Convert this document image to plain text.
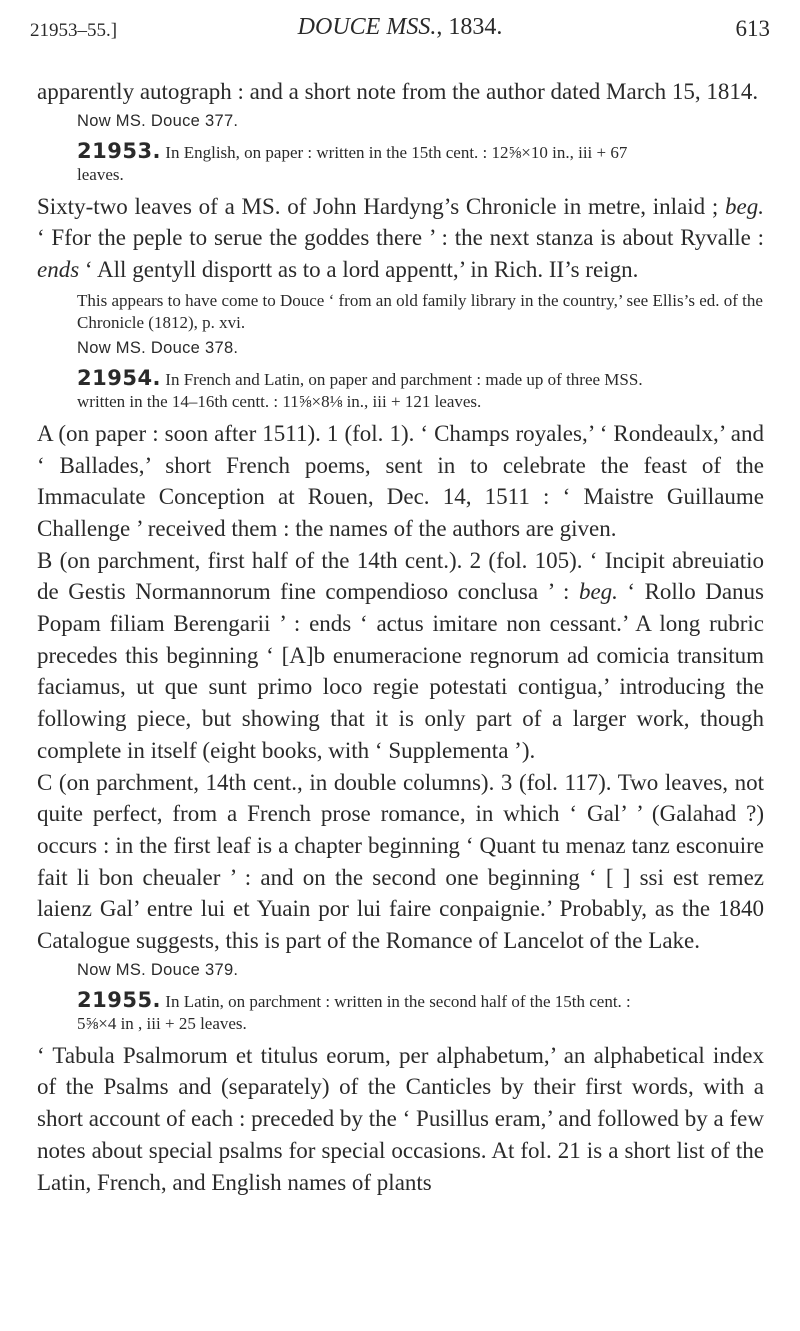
21953–55.]	DOUCE MSS., 1834.	613

apparently autograph : and a short note from the author dated March 15, 1814.

Now MS. Douce 377.

21953. In English, on paper : written in the 15th cent. : 12⅝×10 in., iii + 67
leaves.

Sixty-two leaves of a MS. of John Hardyng’s Chronicle in metre, inlaid ; beg. ‘ Ffor the peple to serue the goddes there ’ : the next stanza is about Ryvalle : ends ‘ All gentyll disportt as to a lord appentt,’ in Rich. II’s reign.

This appears to have come to Douce ‘ from an old family library in the country,’ see Ellis’s ed. of the Chronicle (1812), p. xvi.

Now MS. Douce 378.

21954. In French and Latin, on paper and parchment : made up of three MSS.
written in the 14–16th centt. : 11⅝×8⅛ in., iii + 121 leaves.

A (on paper : soon after 1511). 1 (fol. 1). ‘ Champs royales,’ ‘ Rondeaulx,’ and ‘ Ballades,’ short French poems, sent in to celebrate the feast of the Immaculate Conception at Rouen, Dec. 14, 1511 : ‘ Maistre Guillaume Challenge ’ received them : the names of the authors are given.

B (on parchment, first half of the 14th cent.). 2 (fol. 105). ‘ Incipit abreuiatio de Gestis Normannorum fine compendioso conclusa ’ : beg. ‘ Rollo Danus Popam filiam Berengarii ’ : ends ‘ actus imitare non cessant.’ A long rubric precedes this beginning ‘ [A]b enumeracione regnorum ad comicia transitum faciamus, ut que sunt primo loco regie potestati contigua,’ introducing the following piece, but showing that it is only part of a larger work, though complete in itself (eight books, with ‘ Supplementa ’).

C (on parchment, 14th cent., in double columns). 3 (fol. 117). Two leaves, not quite perfect, from a French prose romance, in which ‘ Gal’ ’ (Galahad ?) occurs : in the first leaf is a chapter beginning ‘ Quant tu menaz tanz esconuire fait li bon cheualer ’ : and on the second one beginning ‘ [ ] ssi est remez laienz Gal’ entre lui et Yuain por lui faire conpaignie.’ Probably, as the 1840 Catalogue suggests, this is part of the Romance of Lancelot of the Lake.

Now MS. Douce 379.

21955. In Latin, on parchment : written in the second half of the 15th cent. :
5⅝×4 in , iii + 25 leaves.

‘ Tabula Psalmorum et titulus eorum, per alphabetum,’ an alphabetical index of the Psalms and (separately) of the Canticles by their first words, with a short account of each : preceded by the ‘ Pusillus eram,’ and followed by a few notes about special psalms for special occasions. At fol. 21 is a short list of the Latin, French, and English names of plants
